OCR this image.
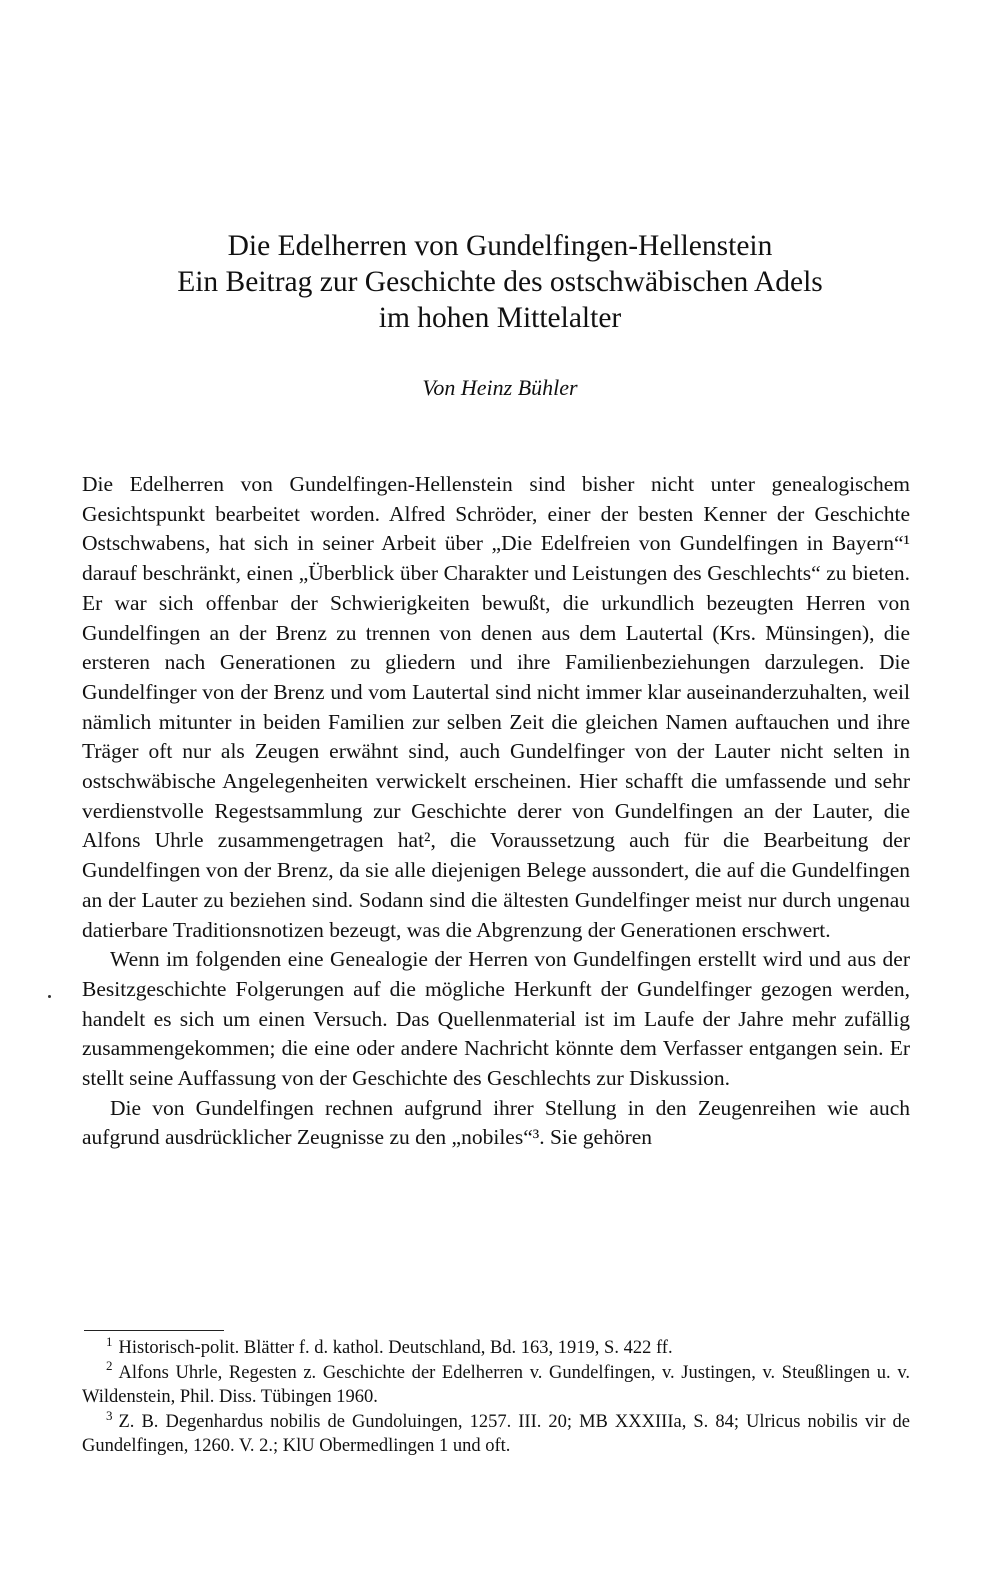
Die Edelherren von Gundelfingen-Hellenstein

Ein Beitrag zur Geschichte des ostschwäbischen Adels

im hohen Mittelalter

Von Heinz Bühler

Die Edelherren von Gundelfingen-Hellenstein sind bisher nicht unter genealogischem Gesichtspunkt bearbeitet worden. Alfred Schröder, einer der besten Kenner der Geschichte Ostschwabens, hat sich in seiner Arbeit über „Die Edelfreien von Gundelfingen in Bayern“¹ darauf beschränkt, einen „Überblick über Charakter und Leistungen des Geschlechts“ zu bieten. Er war sich offenbar der Schwierigkeiten bewußt, die urkundlich bezeugten Herren von Gundelfingen an der Brenz zu trennen von denen aus dem Lautertal (Krs. Münsingen), die ersteren nach Generationen zu gliedern und ihre Familienbeziehungen darzulegen. Die Gundelfinger von der Brenz und vom Lautertal sind nicht immer klar auseinanderzuhalten, weil nämlich mitunter in beiden Familien zur selben Zeit die gleichen Namen auftauchen und ihre Träger oft nur als Zeugen erwähnt sind, auch Gundelfinger von der Lauter nicht selten in ostschwäbische Angelegenheiten verwickelt erscheinen. Hier schafft die umfassende und sehr verdienstvolle Regestsammlung zur Geschichte derer von Gundelfingen an der Lauter, die Alfons Uhrle zusammengetragen hat², die Voraussetzung auch für die Bearbeitung der Gundelfingen von der Brenz, da sie alle diejenigen Belege aussondert, die auf die Gundelfingen an der Lauter zu beziehen sind. Sodann sind die ältesten Gundelfinger meist nur durch ungenau datierbare Traditionsnotizen bezeugt, was die Abgrenzung der Generationen erschwert.

Wenn im folgenden eine Genealogie der Herren von Gundelfingen erstellt wird und aus der Besitzgeschichte Folgerungen auf die mögliche Herkunft der Gundelfinger gezogen werden, handelt es sich um einen Versuch. Das Quellenmaterial ist im Laufe der Jahre mehr zufällig zusammengekommen; die eine oder andere Nachricht könnte dem Verfasser entgangen sein. Er stellt seine Auffassung von der Geschichte des Geschlechts zur Diskussion.

Die von Gundelfingen rechnen aufgrund ihrer Stellung in den Zeugenreihen wie auch aufgrund ausdrücklicher Zeugnisse zu den „nobiles“³. Sie gehören

$^1$ Historisch-polit. Blätter f. d. kathol. Deutschland, Bd. 163, 1919, S. 422 ff.

$^2$ Alfons Uhrle, Regesten z. Geschichte der Edelherren v. Gundelfingen, v. Justingen, v. Steußlingen u. v. Wildenstein, Phil. Diss. Tübingen 1960.

$^3$ Z. B. Degenhardus nobilis de Gundoluingen, 1257. III. 20; MB XXXIIIa, S. 84; Ulricus nobilis vir de Gundelfingen, 1260. V. 2.; KlU Obermedlingen 1 und oft.
